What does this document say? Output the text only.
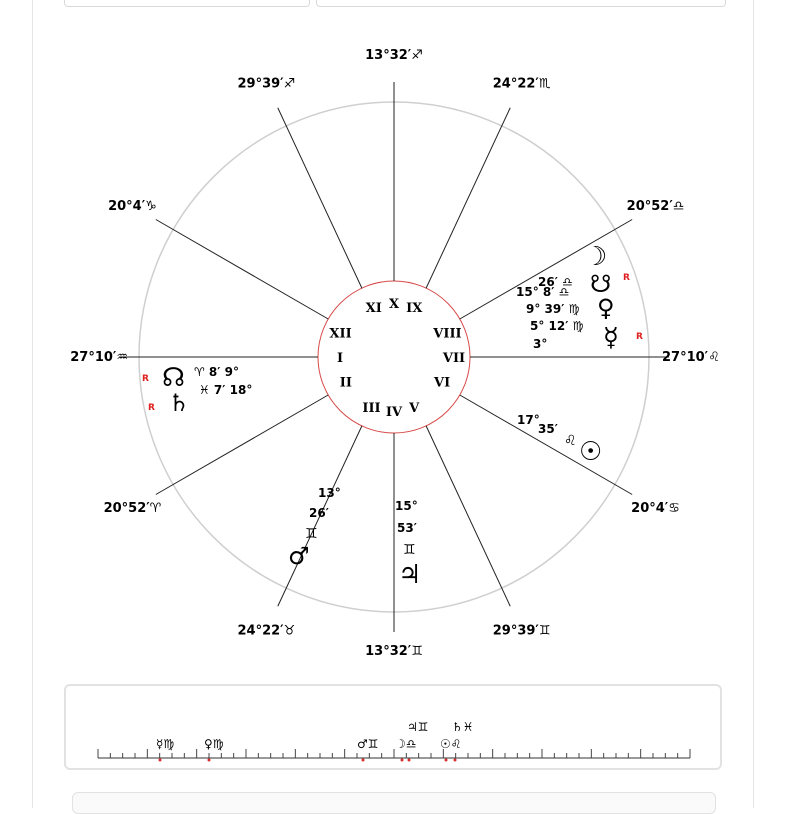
I
II
III IV V
VI
VII
VIII
IX
X
XI
XII
27°10′♒
20°52′♈
24°22′♉
13°32′♊
29°39′♊
20°4′♋
27°10′♌
20°52′♎
24°22′♏
13°32′♐
29°39′♐
20°4′♑
26′ ♎
☽
15° 8′ ♎ ☋ R
9° 39′ ♍ ♀
5° 12′ ♍ ☿ R
3°
R ☊ ♈ 8′ 9°
R ♄ ♓ 7′ 18°
17°
35′
♌ ☉
13°
26′
♊
♂
15°
53′
♊
♃
☿♍ ♀♍	♂♊ ☽♎ ☉♌
♃♊ ♄♓
